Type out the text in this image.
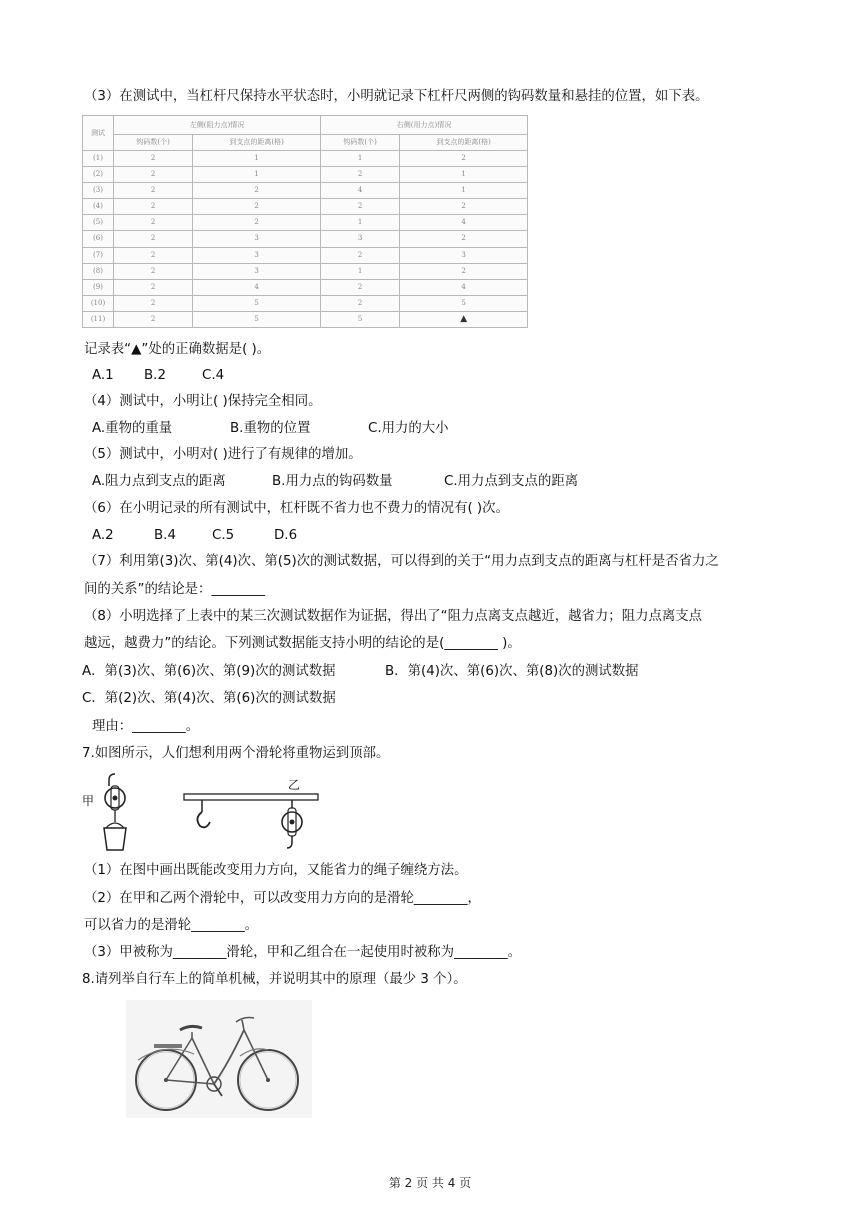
（3）在测试中，当杠杆尺保持水平状态时，小明就记录下杠杆尺两侧的钩码数量和悬挂的位置，如下表。
测试	左侧(阻力点)情况		右侧(用力点)情况	
	钩码数(个)	到支点的距离(格)	钩码数(个)	到支点的距离(格)
(1)	2	1	1	2
(2)	2	1	2	1
(3)	2	2	4	1
(4)	2	2	2	2
(5)	2	2	1	4
(6)	2	3	3	2
(7)	2	3	2	3
(8)	2	3	1	2
(9)	2	4	2	4
(10)	2	5	2	5
(11)	2	5	5	▲
记录表“▲”处的正确数据是( )。
A.1 B.2	C.4
（4）测试中，小明让( )保持完全相同。
A.重物的重量	B.重物的位置	C.用力的大小
（5）测试中，小明对( )进行了有规律的增加。
A.阻力点到支点的距离	B.用力点的钩码数量	C.用力点到支点的距离
（6）在小明记录的所有测试中，杠杆既不省力也不费力的情况有( )次。
A.2	B.4	C.5	D.6
（7）利用第(3)次、第(4)次、第(5)次的测试数据，可以得到的关于“用力点到支点的距离与杠杆是否省力之
间的关系”的结论是：________
（8）小明选择了上表中的某三次测试数据作为证据，得出了“阻力点离支点越近，越省力；阻力点离支点
越远，越费力”的结论。下列测试数据能支持小明的结论的是(________ )。
A．第(3)次、第(6)次、第(9)次的测试数据	B．第(4)次、第(6)次、第(8)次的测试数据
C．第(2)次、第(4)次、第(6)次的测试数据
理由：________。
7.如图所示，人们想利用两个滑轮将重物运到顶部。
甲
乙
（1）在图中画出既能改变用力方向，又能省力的绳子缠绕方法。
（2）在甲和乙两个滑轮中，可以改变用力方向的是滑轮________，
可以省力的是滑轮________。
（3）甲被称为________滑轮，甲和乙组合在一起使用时被称为________。
8.请列举自行车上的简单机械，并说明其中的原理（最少 3 个）。
第 2 页 共 4 页
